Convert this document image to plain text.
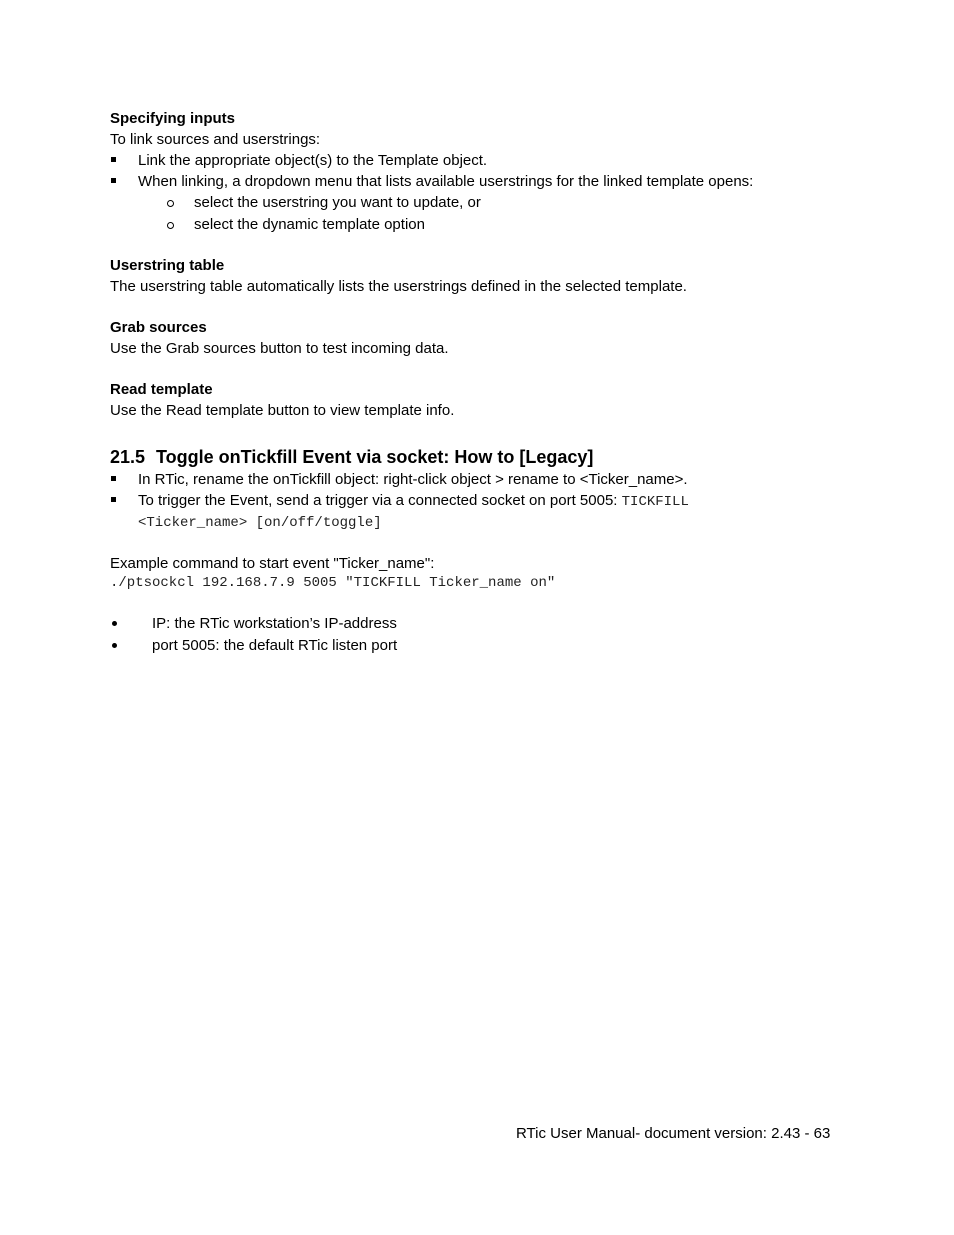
Specifying inputs

To link sources and userstrings:

Link the appropriate object(s) to the Template object.
When linking, a dropdown menu that lists available userstrings for the linked template opens:
select the userstring you want to update, or
select the dynamic template option

Userstring table

The userstring table automatically lists the userstrings defined in the selected template.

Grab sources

Use the Grab sources button to test incoming data.

Read template

Use the Read template button to view template info.

21.5 Toggle onTickfill Event via socket: How to [Legacy]

In RTic, rename the onTickfill object: right-click object > rename to <Ticker_name>.
To trigger the Event, send a trigger via a connected socket on port 5005: TICKFILL
<Ticker_name> [on/off/toggle]

Example command to start event "Ticker_name":

./ptsockcl 192.168.7.9 5005 "TICKFILL Ticker_name on"

IP: the RTic workstation’s IP-address
port 5005: the default RTic listen port
RTic User Manual- document version: 2.43 - 63
